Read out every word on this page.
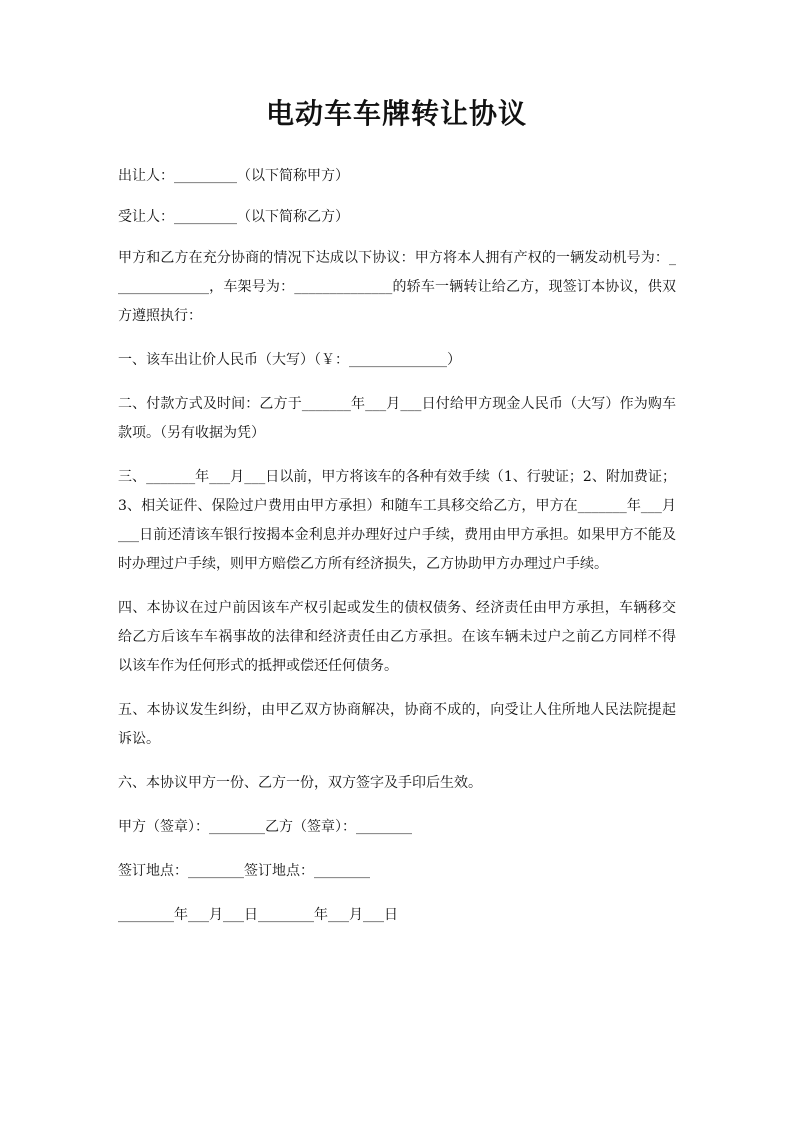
电动车车牌转让协议

出让人：_________（以下简称甲方）

受让人：_________（以下简称乙方）

甲方和乙方在充分协商的情况下达成以下协议：甲方将本人拥有产权的一辆发动机号为：______________，车架号为：______________的轿车一辆转让给乙方，现签订本协议，供双方遵照执行：

一、该车出让价人民币（大写）（￥：______________）

二、付款方式及时间：乙方于_______年___月___日付给甲方现金人民币（大写）作为购车款项。（另有收据为凭）

三、_______年___月___日以前，甲方将该车的各种有效手续（1、行驶证；2、附加费证；3、相关证件、保险过户费用由甲方承担）和随车工具移交给乙方，甲方在_______年___月___日前还清该车银行按揭本金利息并办理好过户手续，费用由甲方承担。如果甲方不能及时办理过户手续，则甲方赔偿乙方所有经济损失，乙方协助甲方办理过户手续。

四、本协议在过户前因该车产权引起或发生的债权债务、经济责任由甲方承担，车辆移交给乙方后该车车祸事故的法律和经济责任由乙方承担。在该车辆未过户之前乙方同样不得以该车作为任何形式的抵押或偿还任何债务。

五、本协议发生纠纷，由甲乙双方协商解决，协商不成的，向受让人住所地人民法院提起诉讼。

六、本协议甲方一份、乙方一份，双方签字及手印后生效。

甲方（签章）：________乙方（签章）：________

签订地点：________签订地点：________

________年___月___日________年___月___日
